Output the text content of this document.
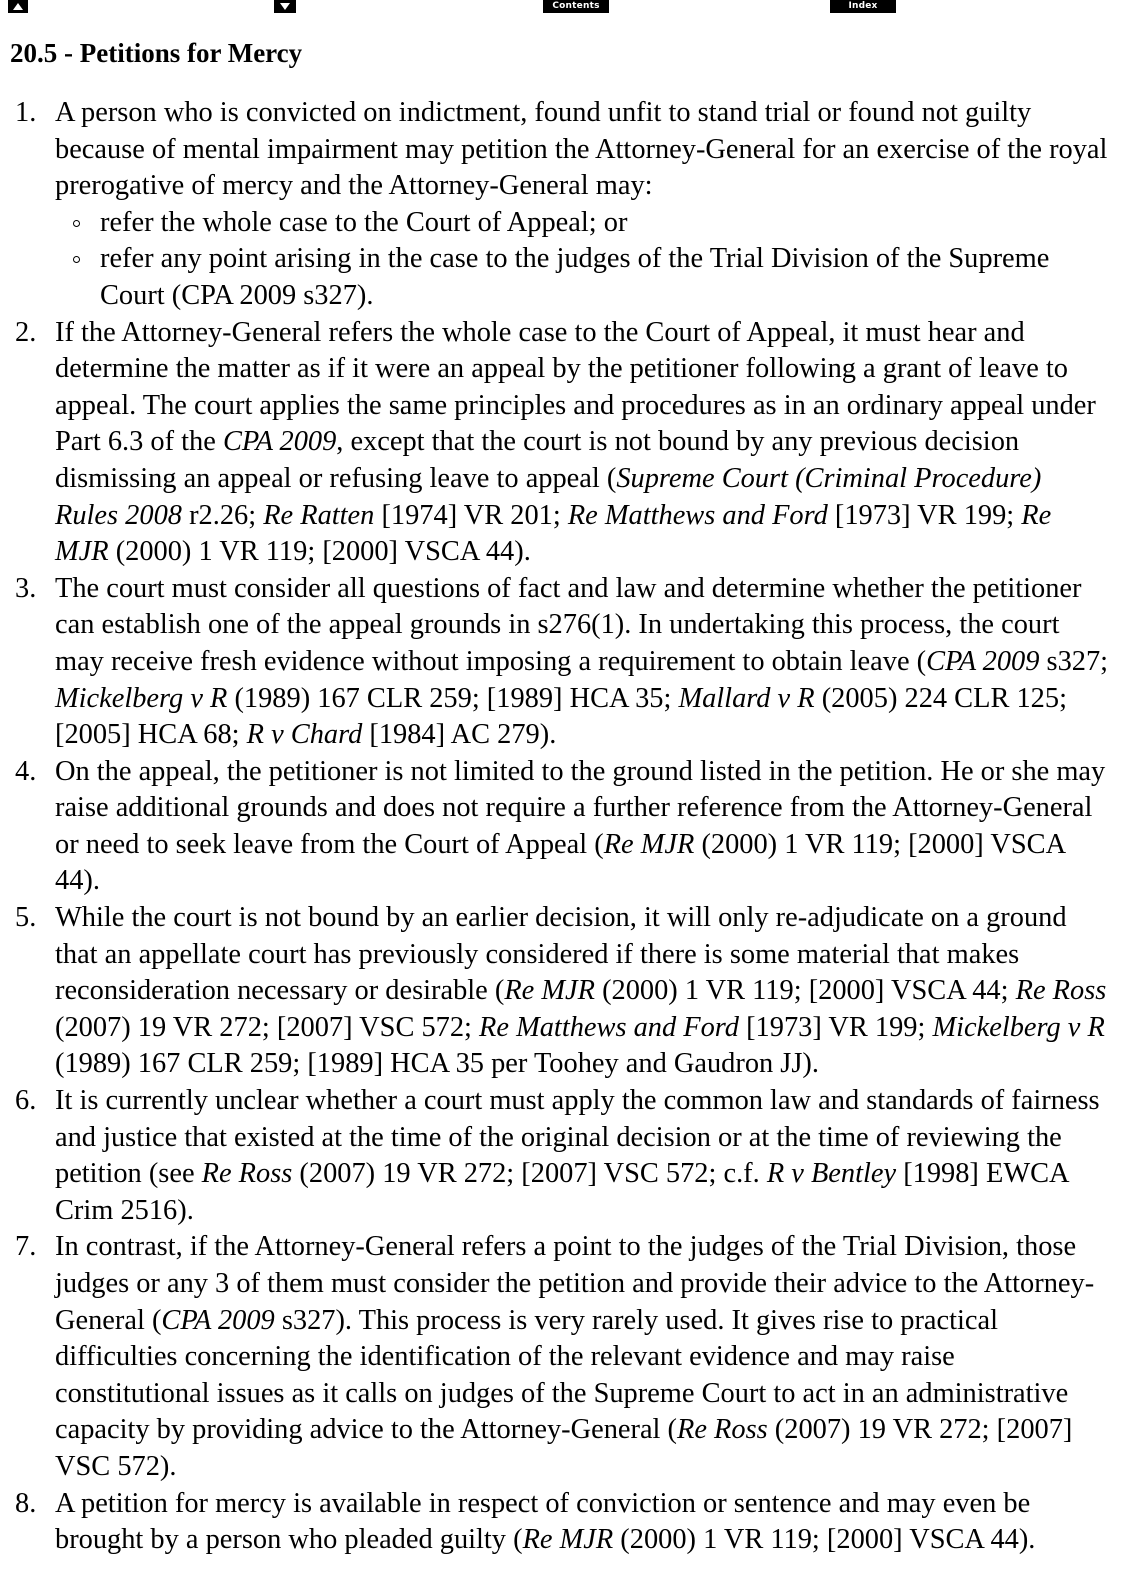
Contents	Index
20.5 - Petitions for Mercy
1. A person who is convicted on indictment, found unfit to stand trial or found not guilty because of mental impairment may petition the Attorney-General for an exercise of the royal prerogative of mercy and the Attorney-General may:
refer the whole case to the Court of Appeal; or
refer any point arising in the case to the judges of the Trial Division of the Supreme Court (CPA 2009 s327).
2. If the Attorney-General refers the whole case to the Court of Appeal, it must hear and determine the matter as if it were an appeal by the petitioner following a grant of leave to appeal. The court applies the same principles and procedures as in an ordinary appeal under Part 6.3 of the CPA 2009, except that the court is not bound by any previous decision dismissing an appeal or refusing leave to appeal (Supreme Court (Criminal Procedure) Rules 2008 r2.26; Re Ratten [1974] VR 201; Re Matthews and Ford [1973] VR 199; Re MJR (2000) 1 VR 119; [2000] VSCA 44).
3. The court must consider all questions of fact and law and determine whether the petitioner can establish one of the appeal grounds in s276(1). In undertaking this process, the court may receive fresh evidence without imposing a requirement to obtain leave (CPA 2009 s327; Mickelberg v R (1989) 167 CLR 259; [1989] HCA 35; Mallard v R (2005) 224 CLR 125; [2005] HCA 68; R v Chard [1984] AC 279).
4. On the appeal, the petitioner is not limited to the ground listed in the petition. He or she may raise additional grounds and does not require a further reference from the Attorney-General or need to seek leave from the Court of Appeal (Re MJR (2000) 1 VR 119; [2000] VSCA 44).
5. While the court is not bound by an earlier decision, it will only re-adjudicate on a ground that an appellate court has previously considered if there is some material that makes reconsideration necessary or desirable (Re MJR (2000) 1 VR 119; [2000] VSCA 44; Re Ross (2007) 19 VR 272; [2007] VSC 572; Re Matthews and Ford [1973] VR 199; Mickelberg v R (1989) 167 CLR 259; [1989] HCA 35 per Toohey and Gaudron JJ).
6. It is currently unclear whether a court must apply the common law and standards of fairness and justice that existed at the time of the original decision or at the time of reviewing the petition (see Re Ross (2007) 19 VR 272; [2007] VSC 572; c.f. R v Bentley [1998] EWCA Crim 2516).
7. In contrast, if the Attorney-General refers a point to the judges of the Trial Division, those judges or any 3 of them must consider the petition and provide their advice to the Attorney-General (CPA 2009 s327). This process is very rarely used. It gives rise to practical difficulties concerning the identification of the relevant evidence and may raise constitutional issues as it calls on judges of the Supreme Court to act in an administrative capacity by providing advice to the Attorney-General (Re Ross (2007) 19 VR 272; [2007] VSC 572).
8. A petition for mercy is available in respect of conviction or sentence and may even be brought by a person who pleaded guilty (Re MJR (2000) 1 VR 119; [2000] VSCA 44).
